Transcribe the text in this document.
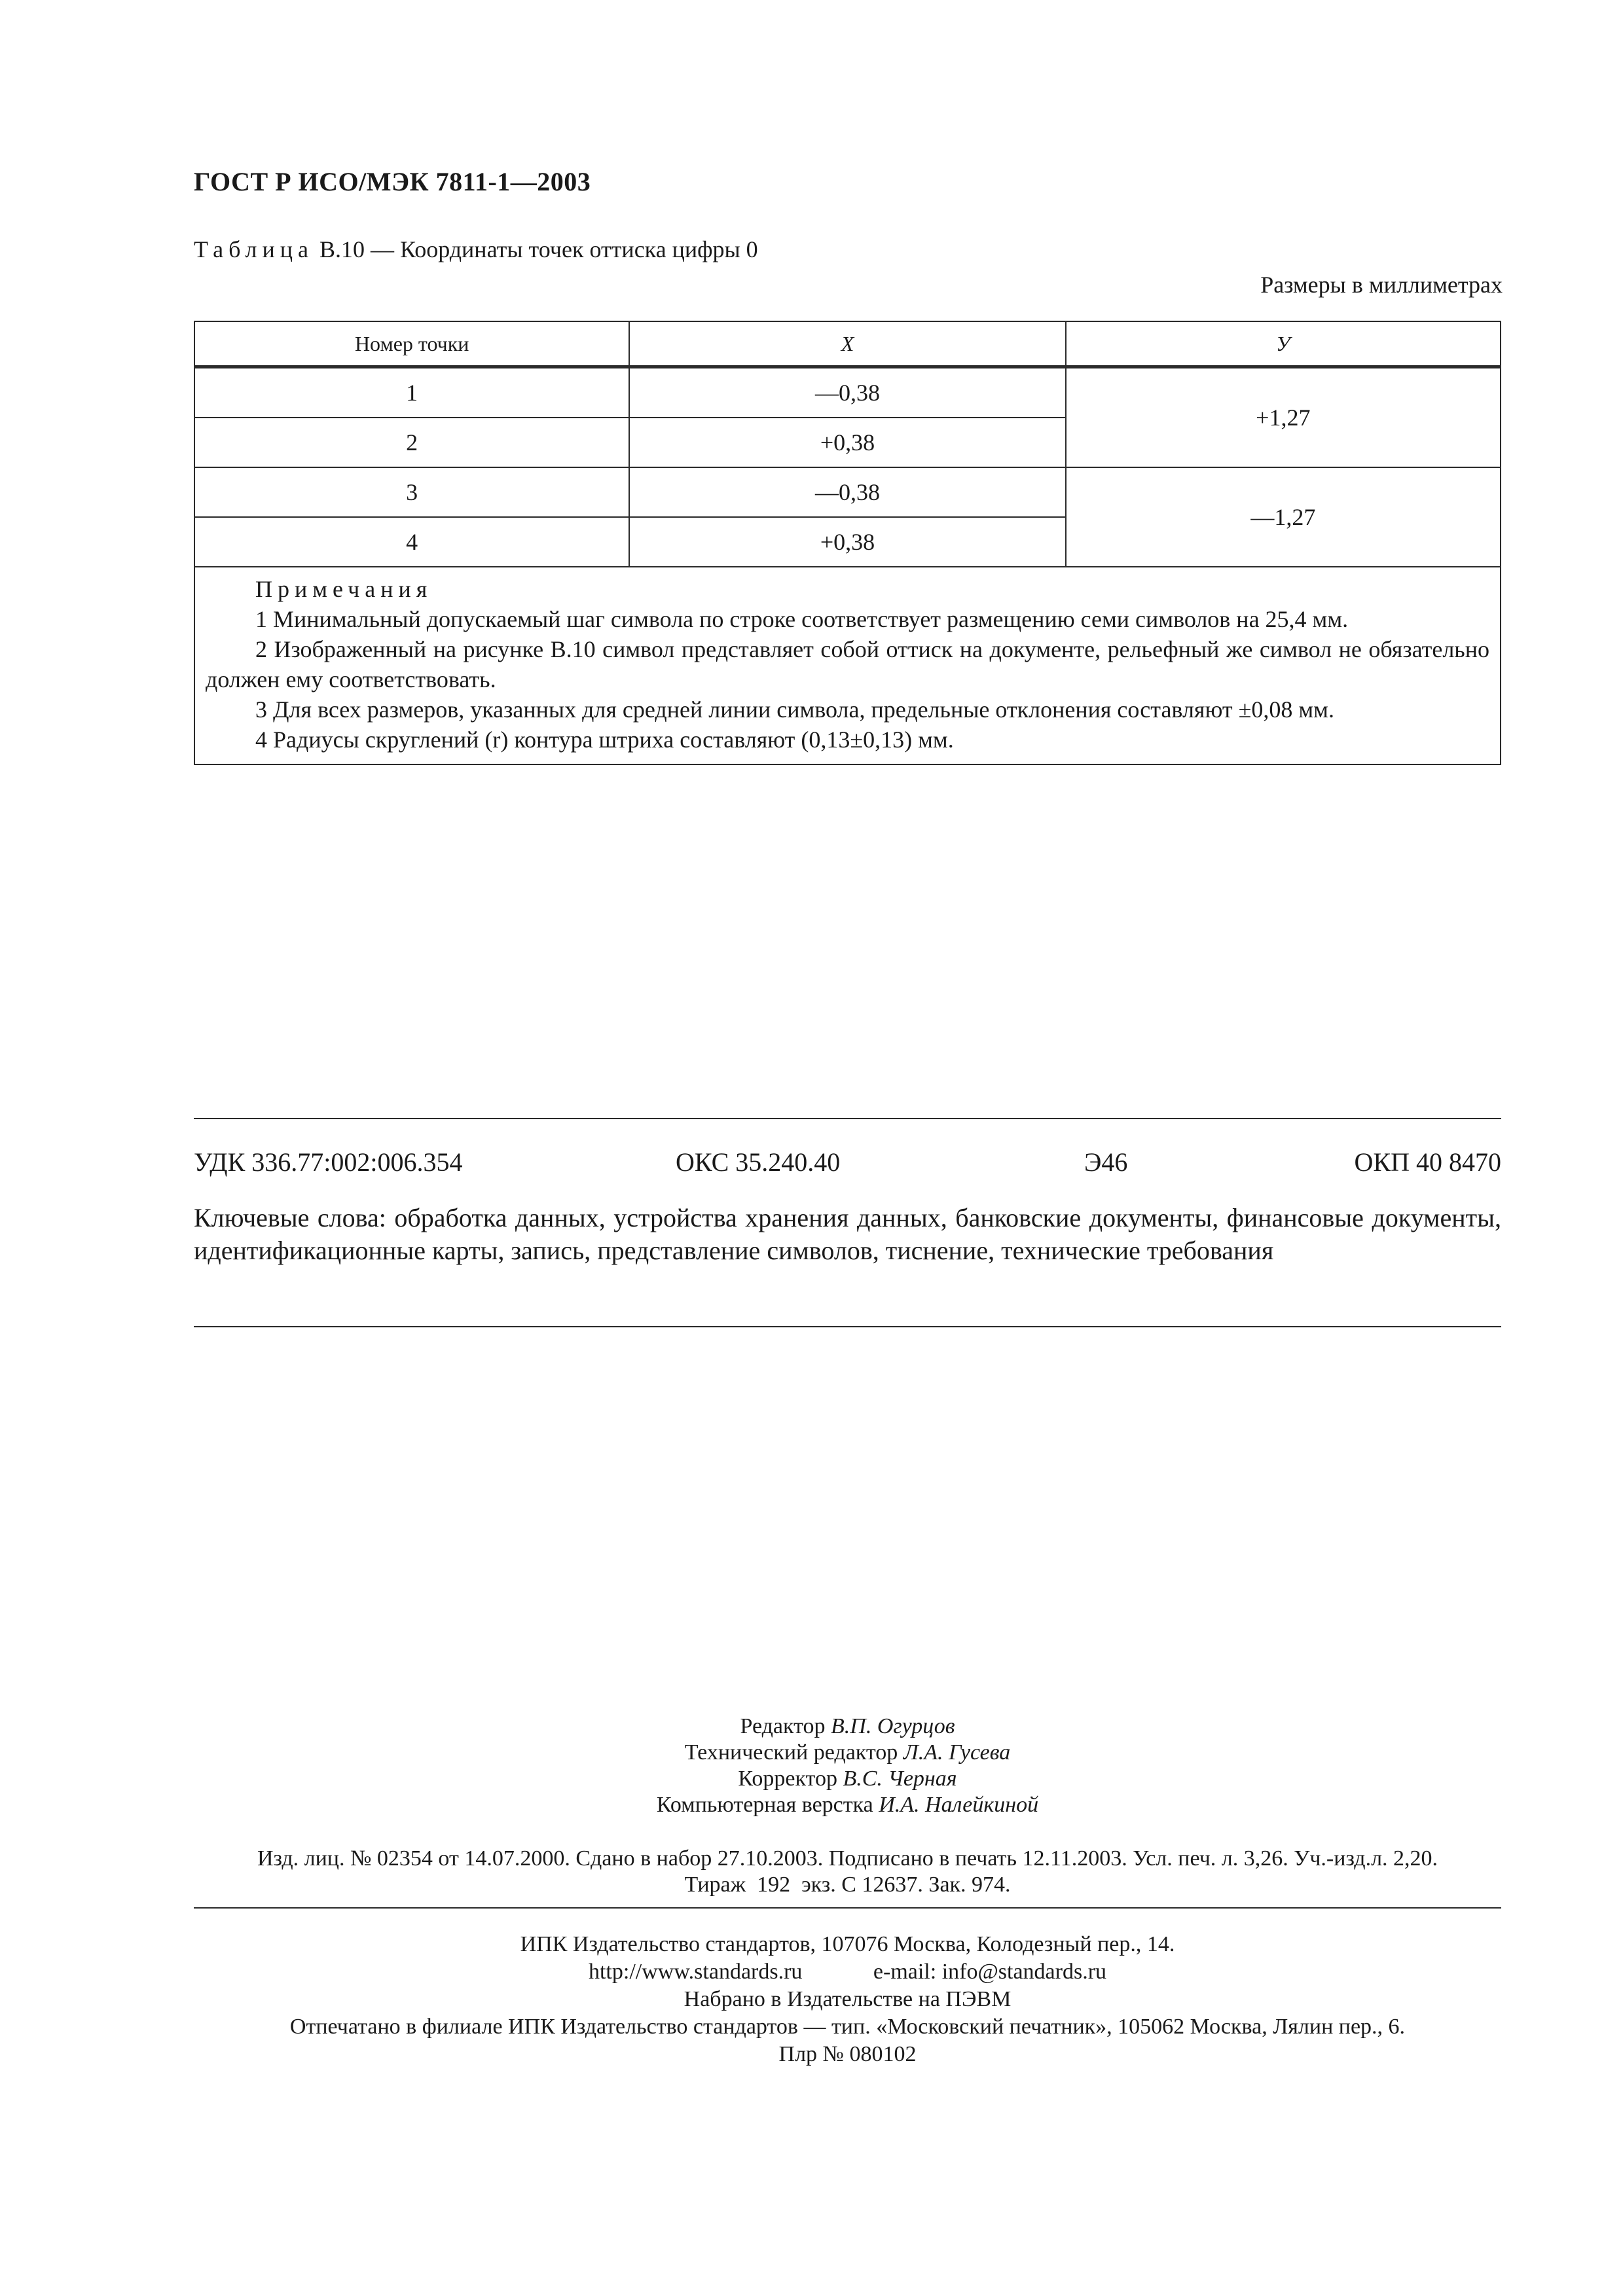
ГОСТ Р ИСО/МЭК 7811-1—2003
Таблица В.10 — Координаты точек оттиска цифры 0
Размеры в миллиметрах
Номер точки	X	У
1	—0,38	+1,27
2	+0,38	
3	—0,38	—1,27
4	+0,38	

Примечания
1 Минимальный допускаемый шаг символа по строке соответствует размещению семи символов на 25,4 мм.
2 Изображенный на рисунке В.10 символ представляет собой оттиск на документе, рельефный же символ не обязательно должен ему соответствовать.
3 Для всех размеров, указанных для средней линии символа, предельные отклонения составляют ±0,08 мм.
4 Радиусы скруглений (r) контура штриха составляют (0,13±0,13) мм.		
УДК 336.77:002:006.354	ОКС 35.240.40	Э46	ОКП 40 8470
Ключевые слова: обработка данных, устройства хранения данных, банковские документы, финансовые документы, идентификационные карты, запись, представление символов, тиснение, технические требования
Редактор В.П. Огурцов
Технический редактор Л.А. Гусева
Корректор В.С. Черная
Компьютерная верстка И.А. Налейкиной
Изд. лиц. № 02354 от 14.07.2000. Сдано в набор 27.10.2003. Подписано в печать 12.11.2003. Усл. печ. л. 3,26. Уч.-изд.л. 2,20.
Тираж  192  экз. С 12637. Зак. 974.
ИПК Издательство стандартов, 107076 Москва, Колодезный пер., 14.
http://www.standards.ru	e-mail: info@standards.ru
Набрано в Издательстве на ПЭВМ
Отпечатано в филиале ИПК Издательство стандартов — тип. «Московский печатник», 105062 Москва, Лялин пер., 6.
Плр № 080102
